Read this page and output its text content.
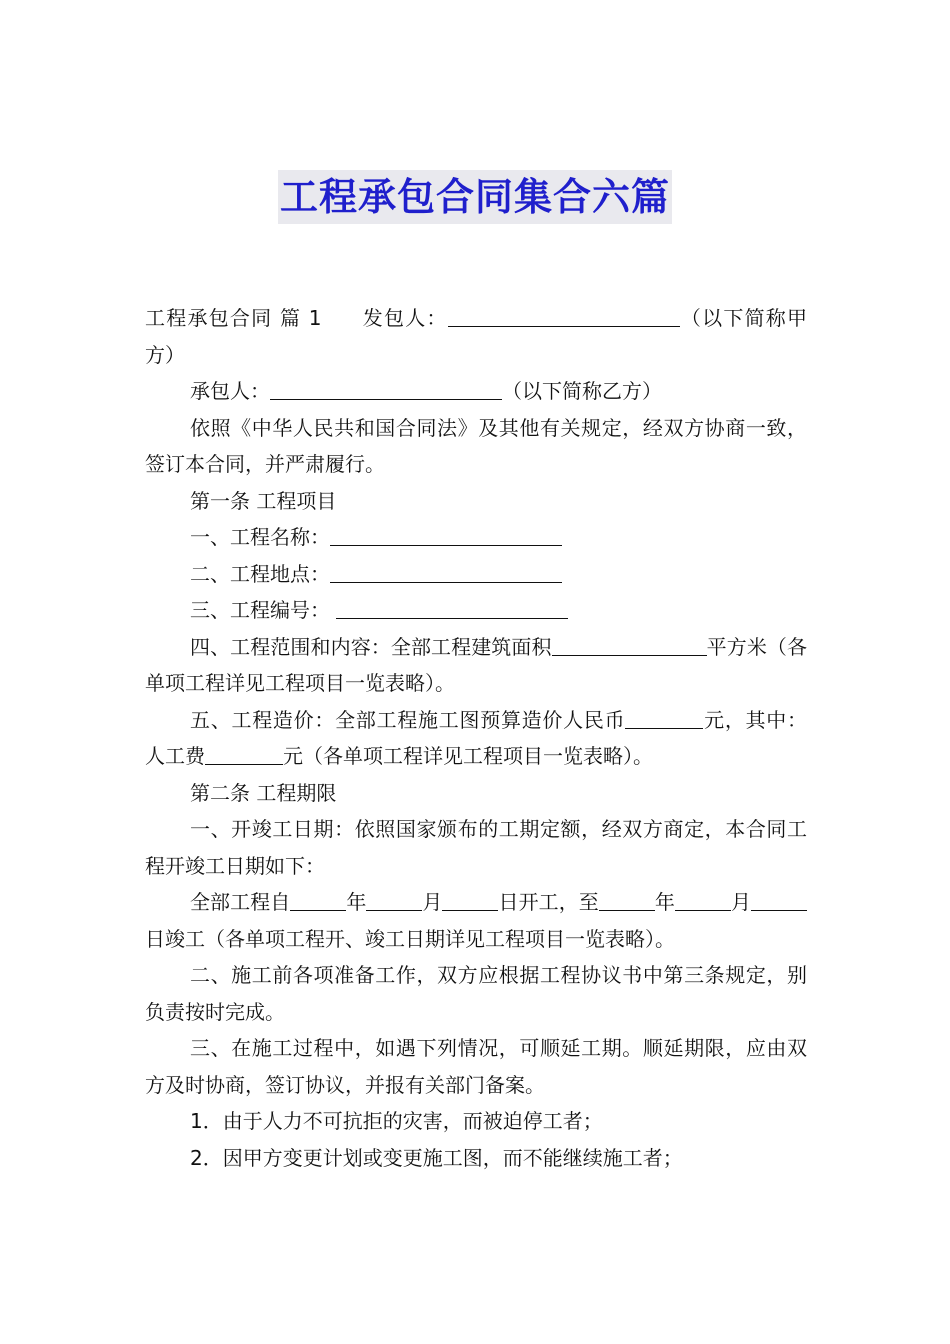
工程承包合同集合六篇

工程承包合同 篇 1 发包人：	（以下简称甲方）

承包人：	（以下简称乙方）

依照《中华人民共和国合同法》及其他有关规定，经双方协商一致，签订本合同，并严肃履行。

第一条 工程项目

一、工程名称：

二、工程地点：

三、工程编号：

四、工程范围和内容：全部工程建筑面积	平方米（各单项工程详见工程项目一览表略）。

五、工程造价：全部工程施工图预算造价人民币	元，其中：人工费	元（各单项工程详见工程项目一览表略）。

第二条 工程期限

一、开竣工日期：依照国家颁布的工期定额，经双方商定，本合同工程开竣工日期如下：

全部工程自	年	月	日开工，至	年	月日竣工（各单项工程开、竣工日期详见工程项目一览表略）。

二、施工前各项准备工作，双方应根据工程协议书中第三条规定，别负责按时完成。

三、在施工过程中，如遇下列情况，可顺延工期。顺延期限，应由双方及时协商，签订协议，并报有关部门备案。

1．由于人力不可抗拒的灾害，而被迫停工者；

2．因甲方变更计划或变更施工图，而不能继续施工者；
